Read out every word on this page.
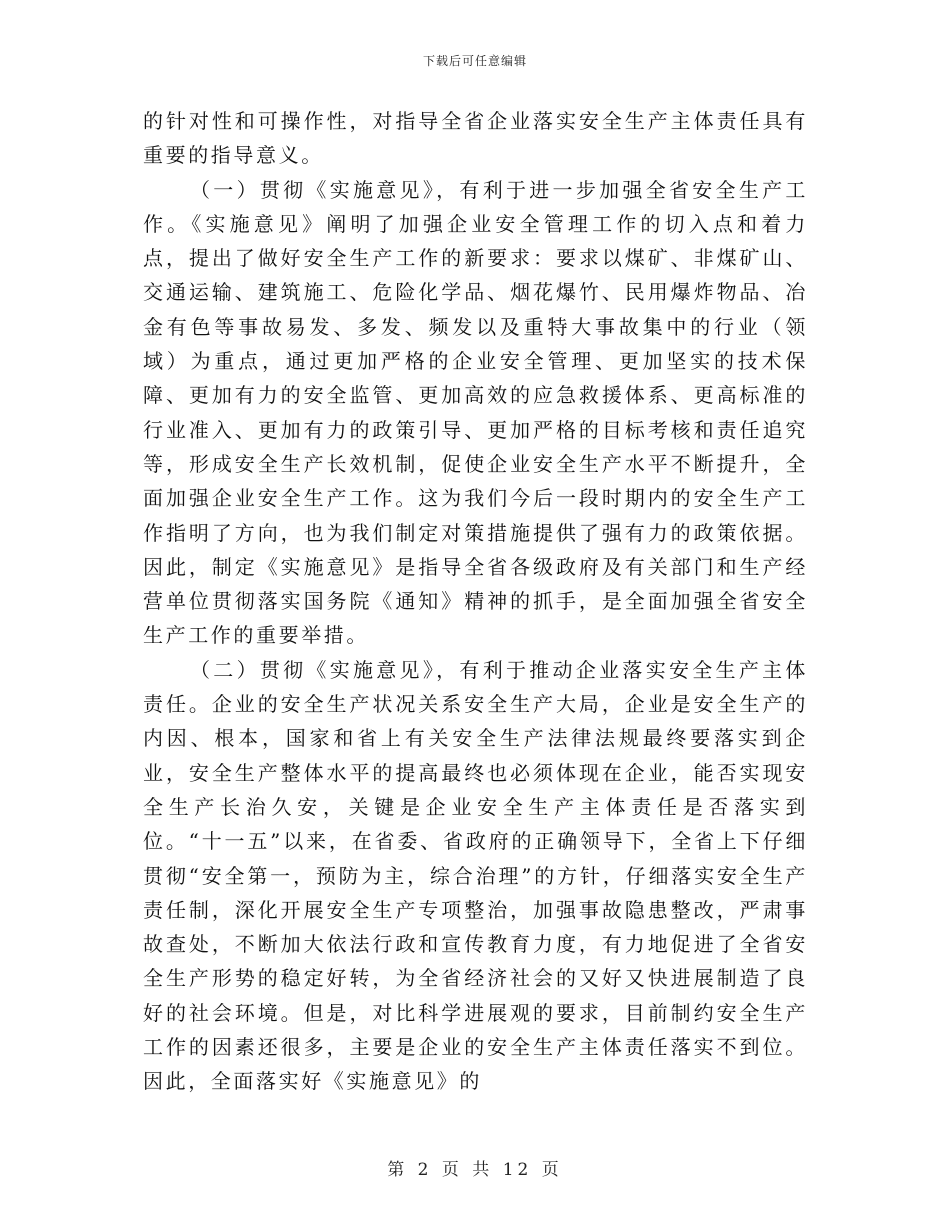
下载后可任意编辑

的针对性和可操作性，对指导全省企业落实安全生产主体责任具有重要的指导意义。

（一）贯彻《实施意见》，有利于进一步加强全省安全生产工作。《实施意见》阐明了加强企业安全管理工作的切入点和着力点，提出了做好安全生产工作的新要求：要求以煤矿、非煤矿山、交通运输、建筑施工、危险化学品、烟花爆竹、民用爆炸物品、冶金有色等事故易发、多发、频发以及重特大事故集中的行业（领域）为重点，通过更加严格的企业安全管理、更加坚实的技术保障、更加有力的安全监管、更加高效的应急救援体系、更高标准的行业准入、更加有力的政策引导、更加严格的目标考核和责任追究等，形成安全生产长效机制，促使企业安全生产水平不断提升，全面加强企业安全生产工作。这为我们今后一段时期内的安全生产工作指明了方向，也为我们制定对策措施提供了强有力的政策依据。因此，制定《实施意见》是指导全省各级政府及有关部门和生产经营单位贯彻落实国务院《通知》精神的抓手，是全面加强全省安全生产工作的重要举措。

（二）贯彻《实施意见》，有利于推动企业落实安全生产主体责任。企业的安全生产状况关系安全生产大局，企业是安全生产的内因、根本，国家和省上有关安全生产法律法规最终要落实到企业，安全生产整体水平的提高最终也必须体现在企业，能否实现安全生产长治久安，关键是企业安全生产主体责任是否落实到位。“十一五”以来，在省委、省政府的正确领导下，全省上下仔细贯彻“安全第一，预防为主，综合治理”的方针，仔细落实安全生产责任制，深化开展安全生产专项整治，加强事故隐患整改，严肃事故查处，不断加大依法行政和宣传教育力度，有力地促进了全省安全生产形势的稳定好转，为全省经济社会的又好又快进展制造了良好的社会环境。但是，对比科学进展观的要求，目前制约安全生产工作的因素还很多，主要是企业的安全生产主体责任落实不到位。因此，全面落实好《实施意见》的

第 2 页 共 12 页
